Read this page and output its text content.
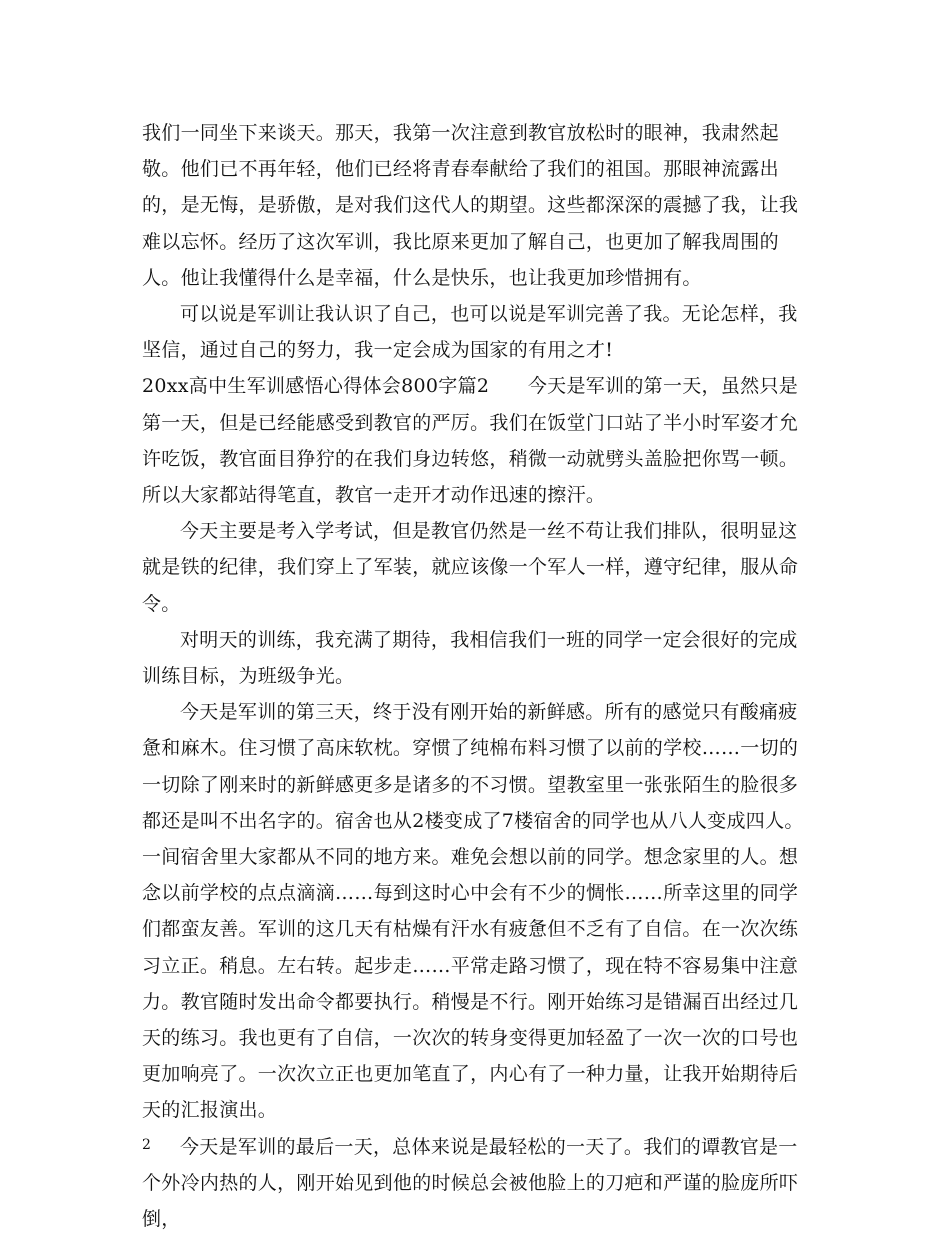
我们一同坐下来谈天。那天，我第一次注意到教官放松时的眼神，我肃然起敬。他们已不再年轻，他们已经将青春奉献给了我们的祖国。那眼神流露出的，是无悔，是骄傲，是对我们这代人的期望。这些都深深的震撼了我，让我难以忘怀。经历了这次军训，我比原来更加了解自己，也更加了解我周围的人。他让我懂得什么是幸福，什么是快乐，也让我更加珍惜拥有。

可以说是军训让我认识了自己，也可以说是军训完善了我。无论怎样，我坚信，通过自己的努力，我一定会成为国家的有用之才!

20xx高中生军训感悟心得体会800字篇2　　今天是军训的第一天，虽然只是第一天，但是已经能感受到教官的严厉。我们在饭堂门口站了半小时军姿才允许吃饭，教官面目狰狞的在我们身边转悠，稍微一动就劈头盖脸把你骂一顿。所以大家都站得笔直，教官一走开才动作迅速的擦汗。

今天主要是考入学考试，但是教官仍然是一丝不苟让我们排队，很明显这就是铁的纪律，我们穿上了军装，就应该像一个军人一样，遵守纪律，服从命令。

对明天的训练，我充满了期待，我相信我们一班的同学一定会很好的完成训练目标，为班级争光。

今天是军训的第三天，终于没有刚开始的新鲜感。所有的感觉只有酸痛疲惫和麻木。住习惯了高床软枕。穿惯了纯棉布料习惯了以前的学校……一切的一切除了刚来时的新鲜感更多是诸多的不习惯。望教室里一张张陌生的脸很多都还是叫不出名字的。宿舍也从2楼变成了7楼宿舍的同学也从八人变成四人。一间宿舍里大家都从不同的地方来。难免会想以前的同学。想念家里的人。想念以前学校的点点滴滴……每到这时心中会有不少的惆怅……所幸这里的同学们都蛮友善。军训的这几天有枯燥有汗水有疲惫但不乏有了自信。在一次次练习立正。稍息。左右转。起步走……平常走路习惯了，现在特不容易集中注意力。教官随时发出命令都要执行。稍慢是不行。刚开始练习是错漏百出经过几天的练习。我也更有了自信，一次次的转身变得更加轻盈了一次一次的口号也更加响亮了。一次次立正也更加笔直了，内心有了一种力量，让我开始期待后天的汇报演出。

今天是军训的最后一天，总体来说是最轻松的一天了。我们的谭教官是一个外冷内热的人，刚开始见到他的时候总会被他脸上的刀疤和严谨的脸庞所吓倒，

2
